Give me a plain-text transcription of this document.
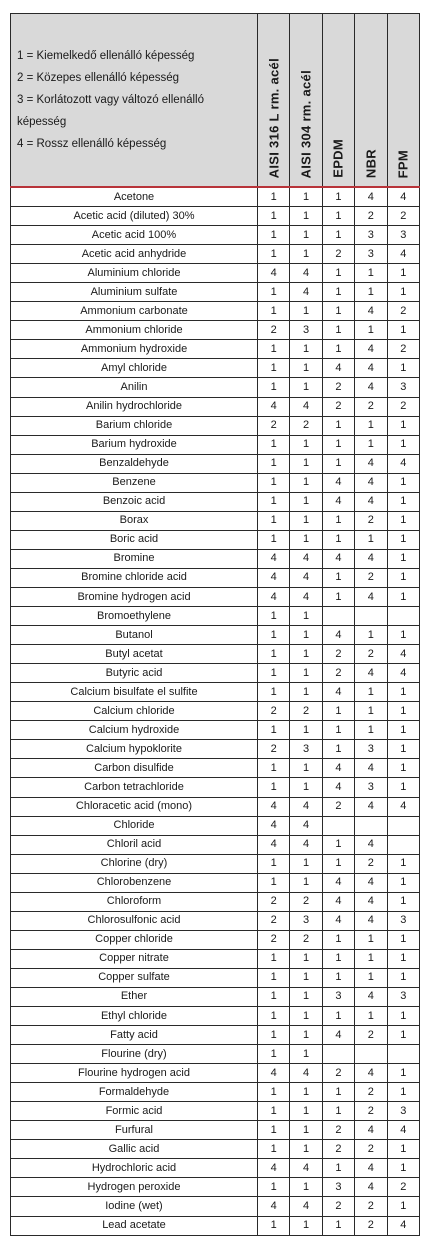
1 = Kiemelkedő ellenálló képesség
2 = Közepes ellenálló képesség
3 = Korlátozott vagy változó ellenálló képesség
4 = Rossz ellenálló képesség	AISI 316 L rm. acél	AISI 304 rm. acél	EPDM	NBR	FPM

Acetone	1	1	1	4	4
Acetic acid (diluted) 30%	1	1	1	2	2
Acetic acid 100%	1	1	1	3	3
Acetic acid anhydride	1	1	2	3	4
Aluminium chloride	4	4	1	1	1
Aluminium sulfate	1	4	1	1	1
Ammonium carbonate	1	1	1	4	2
Ammonium chloride	2	3	1	1	1
Ammonium hydroxide	1	1	1	4	2
Amyl chloride	1	1	4	4	1
Anilin	1	1	2	4	3
Anilin hydrochloride	4	4	2	2	2
Barium chloride	2	2	1	1	1
Barium hydroxide	1	1	1	1	1
Benzaldehyde	1	1	1	4	4
Benzene	1	1	4	4	1
Benzoic acid	1	1	4	4	1
Borax	1	1	1	2	1
Boric acid	1	1	1	1	1
Bromine	4	4	4	4	1
Bromine chloride acid	4	4	1	2	1
Bromine hydrogen acid	4	4	1	4	1
Bromoethylene	1	1			
Butanol	1	1	4	1	1
Butyl acetat	1	1	2	2	4
Butyric acid	1	1	2	4	4
Calcium bisulfate el sulfite	1	1	4	1	1
Calcium chloride	2	2	1	1	1
Calcium hydroxide	1	1	1	1	1
Calcium hypoklorite	2	3	1	3	1
Carbon disulfide	1	1	4	4	1
Carbon tetrachloride	1	1	4	3	1
Chloracetic acid (mono)	4	4	2	4	4
Chloride	4	4			
Chloril acid	4	4	1	4	
Chlorine (dry)	1	1	1	2	1
Chlorobenzene	1	1	4	4	1
Chloroform	2	2	4	4	1
Chlorosulfonic acid	2	3	4	4	3
Copper chloride	2	2	1	1	1
Copper nitrate	1	1	1	1	1
Copper sulfate	1	1	1	1	1
Ether	1	1	3	4	3
Ethyl chloride	1	1	1	1	1
Fatty acid	1	1	4	2	1
Flourine (dry)	1	1			
Flourine hydrogen acid	4	4	2	4	1
Formaldehyde	1	1	1	2	1
Formic acid	1	1	1	2	3
Furfural	1	1	2	4	4
Gallic acid	1	1	2	2	1
Hydrochloric acid	4	4	1	4	1
Hydrogen peroxide	1	1	3	4	2
Iodine (wet)	4	4	2	2	1
Lead acetate	1	1	1	2	4
